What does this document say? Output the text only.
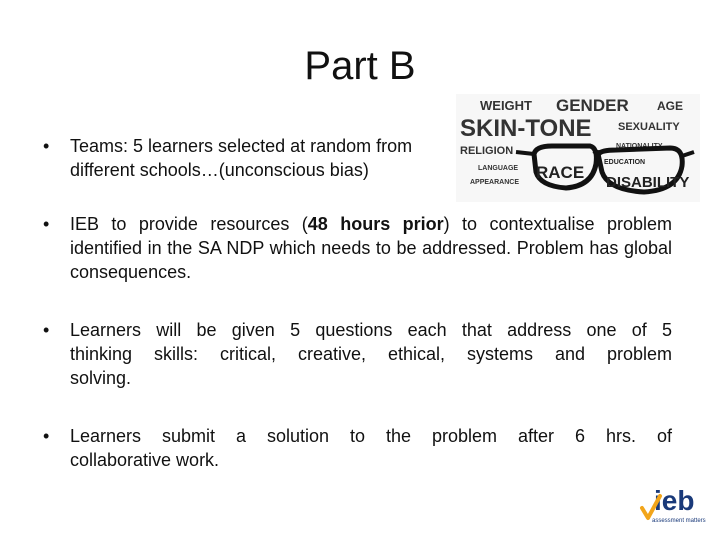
Part B
• Teams: 5 learners selected at random from different schools…(unconscious bias)
WEIGHT GENDER AGE
SKIN-TONE SEXUALITY
RELIGION	NATIONALITY
RACE
EDUCATION
LANGUAGE
APPEARANCE	DISABILITY
• IEB to provide resources (48 hours prior) to contextualise problem identified in the SA NDP which needs to be addressed. Problem has global consequences.
• Learners will be given 5 questions each that address one of 5
thinking skills: critical, creative, ethical, systems and problem
solving.
• Learners submit a solution to the problem after 6 hrs. of
collaborative work.
ieb
assessment matters
